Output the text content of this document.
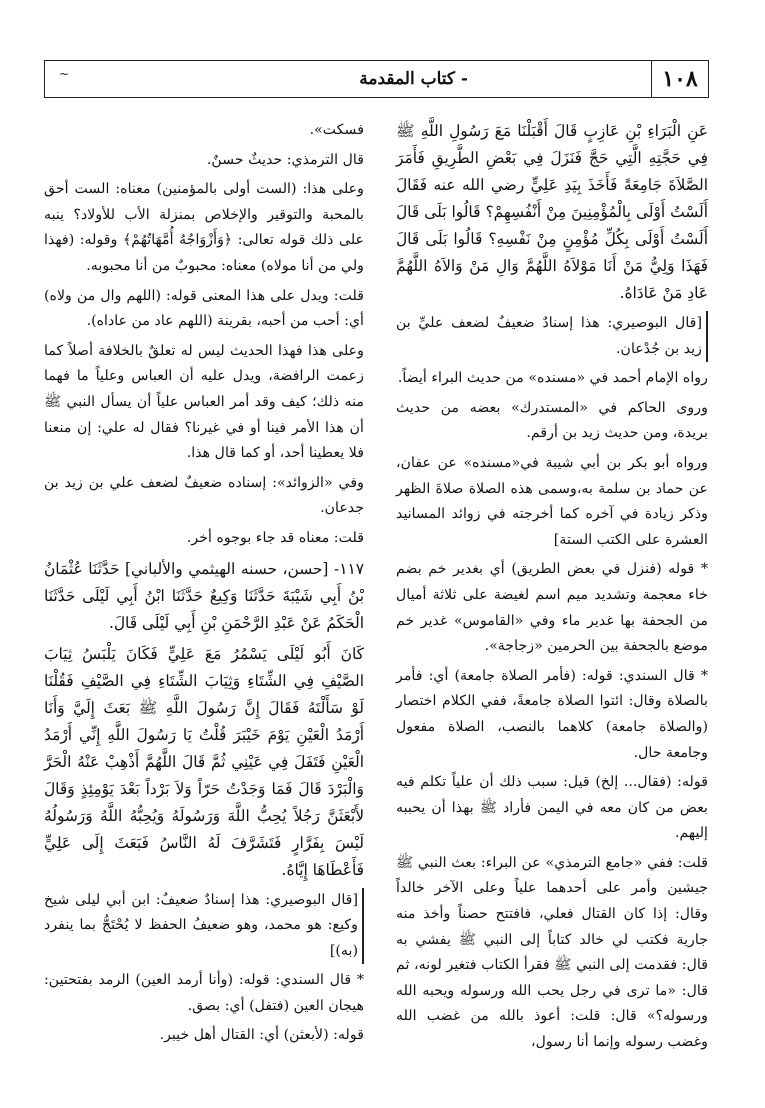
١٠٨
- كتاب المقدمة
~

عَنِ الْبَرَاءِ بْنِ عَازِبٍ قَالَ أَقْبَلْنَا مَعَ رَسُولِ اللَّهِ ﷺ فِي حَجَّتِهِ الَّتِي حَجَّ فَنَزَلَ فِي بَعْضِ الطَّرِيقِ فَأَمَرَ الصَّلاَةَ جَامِعَةً فَأَخَذَ بِيَدِ عَلِيٍّ رضي الله عنه فَقَالَ أَلَسْتُ أَوْلَى بِالْمُؤْمِنِينَ مِنْ أَنْفُسِهِمْ؟ قَالُوا بَلَى قَالَ أَلَسْتُ أَوْلَى بِكُلِّ مُؤْمِنٍ مِنْ نَفْسِهِ؟ قَالُوا بَلَى قَالَ فَهَذَا وَلِيُّ مَنْ أَنَا مَوْلاَهُ اللَّهُمَّ وَالِ مَنْ وَالاَهُ اللَّهُمَّ عَادِ مَنْ عَادَاهُ.

[قال البوصيري: هذا إسنادٌ ضعيفٌ لضعف عليِّ بن زيد بن جُدْعان.

رواه الإمام أحمد في «مسنده» من حديث البراء أيضاً.

وروى الحاكم في «المستدرك» بعضه من حديث بريدة، ومن حديث زيد بن أرقم.

ورواه أبو بكر بن أبي شيبة في«مسنده» عن عفان، عن حماد بن سلمة به،وسمى هذه الصلاة صلاةَ الظهر وذكر زيادة في آخره كما أخرجته في زوائد المسانيد العشرة على الكتب الستة]

* قوله (فنزل في بعض الطريق) أي بغدير خم بضم خاء معجمة وتشديد ميم اسم لغيضة على ثلاثة أميال من الجحفة بها غدير ماء وفي «القاموس» غدير خم موضع بالجحفة بين الحرمين «زجاجة».

* قال السندي: قوله: (فأمر الصلاة جامعة) أي: فأمر بالصلاة وقال: ائتوا الصلاة جامعةً، ففي الكلام اختصار (والصلاة جامعة) كلاهما بالنصب، الصلاة مفعول وجامعة حال.

قوله: (فقال... إلخ) قيل: سبب ذلك أن علياً تكلم فيه بعض من كان معه في اليمن فأراد ﷺ بهذا أن يحببه إليهم.

قلت: ففي «جامع الترمذي» عن البراء: بعث النبي ﷺ جيشين وأمر على أحدهما علياً وعلى الآخر خالداً وقال: إذا كان القتال فعلي، فافتتح حصناً وأخذ منه جارية فكتب لي خالد كتاباً إلى النبي ﷺ يفشي به قال: فقدمت إلى النبي ﷺ فقرأ الكتاب فتغير لونه، ثم قال: «ما ترى في رجل يحب الله ورسوله ويحبه الله ورسوله؟» قال: قلت: أعوذ بالله من غضب الله وغضب رسوله وإنما أنا رسول،

فسكت».

قال الترمذي: حديثٌ حسنٌ.

وعلى هذا: (الست أولى بالمؤمنين) معناه: الست أحق بالمحبة والتوقير والإخلاص بمنزلة الأب للأولاد؟ ينبه على ذلك قوله تعالى: ﴿وَأَزْوَاجُهُ أُمَّهَاتُهُمْ﴾ وقوله: (فهذا ولي من أنا مولاه) معناه: محبوبٌ من أنا محبوبه.

قلت: ويدل على هذا المعنى قوله: (اللهم وال من ولاه) أي: أحب من أحبه، بقرينة (اللهم عاد من عاداه).

وعلى هذا فهذا الحديث ليس له تعلقٌ بالخلافة أصلاً كما زعمت الرافضة، ويدل عليه أن العباس وعلياً ما فهما منه ذلك؛ كيف وقد أمر العباس علياً أن يسأل النبي ﷺ أن هذا الأمر فينا أو في غيرنا؟ فقال له علي: إن منعنا فلا يعطينا أحد، أو كما قال هذا.

وفي «الزوائد»: إسناده ضعيفٌ لضعف علي بن زيد بن جدعان.

قلت: معناه قد جاء بوجوه أخر.

١١٧- [حسن، حسنه الهيثمي والألباني] حَدَّثَنَا عُثْمَانُ بْنُ أَبِي شَيْبَةَ حَدَّثَنَا وَكِيعٌ حَدَّثَنَا ابْنُ أَبِي لَيْلَى حَدَّثَنَا الْحَكَمُ عَنْ عَبْدِ الرَّحْمَنِ بْنِ أَبِي لَيْلَى قَالَ.

كَانَ أَبُو لَيْلَى يَسْمُرُ مَعَ عَلِيٍّ فَكَانَ يَلْبَسُ ثِيَابَ الصَّيْفِ فِي الشِّتَاءِ وَثِيَابَ الشِّتَاءِ فِي الصَّيْفِ فَقُلْنَا لَوْ سَأَلْتَهُ فَقَالَ إِنَّ رَسُولَ اللَّهِ ﷺ بَعَثَ إِلَيَّ وَأَنَا أَرْمَدُ الْعَيْنِ يَوْمَ خَيْبَرَ قُلْتُ يَا رَسُولَ اللَّهِ إِنِّي أَرْمَدُ الْعَيْنِ فَتَفَلَ فِي عَيْنِي ثُمَّ قَالَ اللَّهُمَّ أَذْهِبْ عَنْهُ الْحَرَّ وَالْبَرْدَ قَالَ فَمَا وَجَدْتُ حَرّاً وَلاَ بَرْداً بَعْدَ يَوْمِئِذٍ وَقَالَ لأَبْعَثَنَّ رَجُلاً يُحِبُّ اللَّهَ وَرَسُولَهُ وَيُحِبُّهُ اللَّهُ وَرَسُولُهُ لَيْسَ بِفَرَّارٍ فَتَشَرَّفَ لَهُ النَّاسُ فَبَعَثَ إِلَى عَلِيٍّ فَأَعْطَاهَا إِيَّاهُ.

[قال البوصيري: هذا إسنادٌ ضعيفٌ: ابن أبي ليلى شيخ وكيع: هو محمد، وهو ضعيفُ الحفظ لا يُحْتَجُّ بما ينفرد (به)]

* قال السندي: قوله: (وأنا أرمد العين) الرمد بفتحتين: هيجان العين (فتفل) أي: بصق.

قوله: (لأبعثن) أي: القتال أهل خيبر.
